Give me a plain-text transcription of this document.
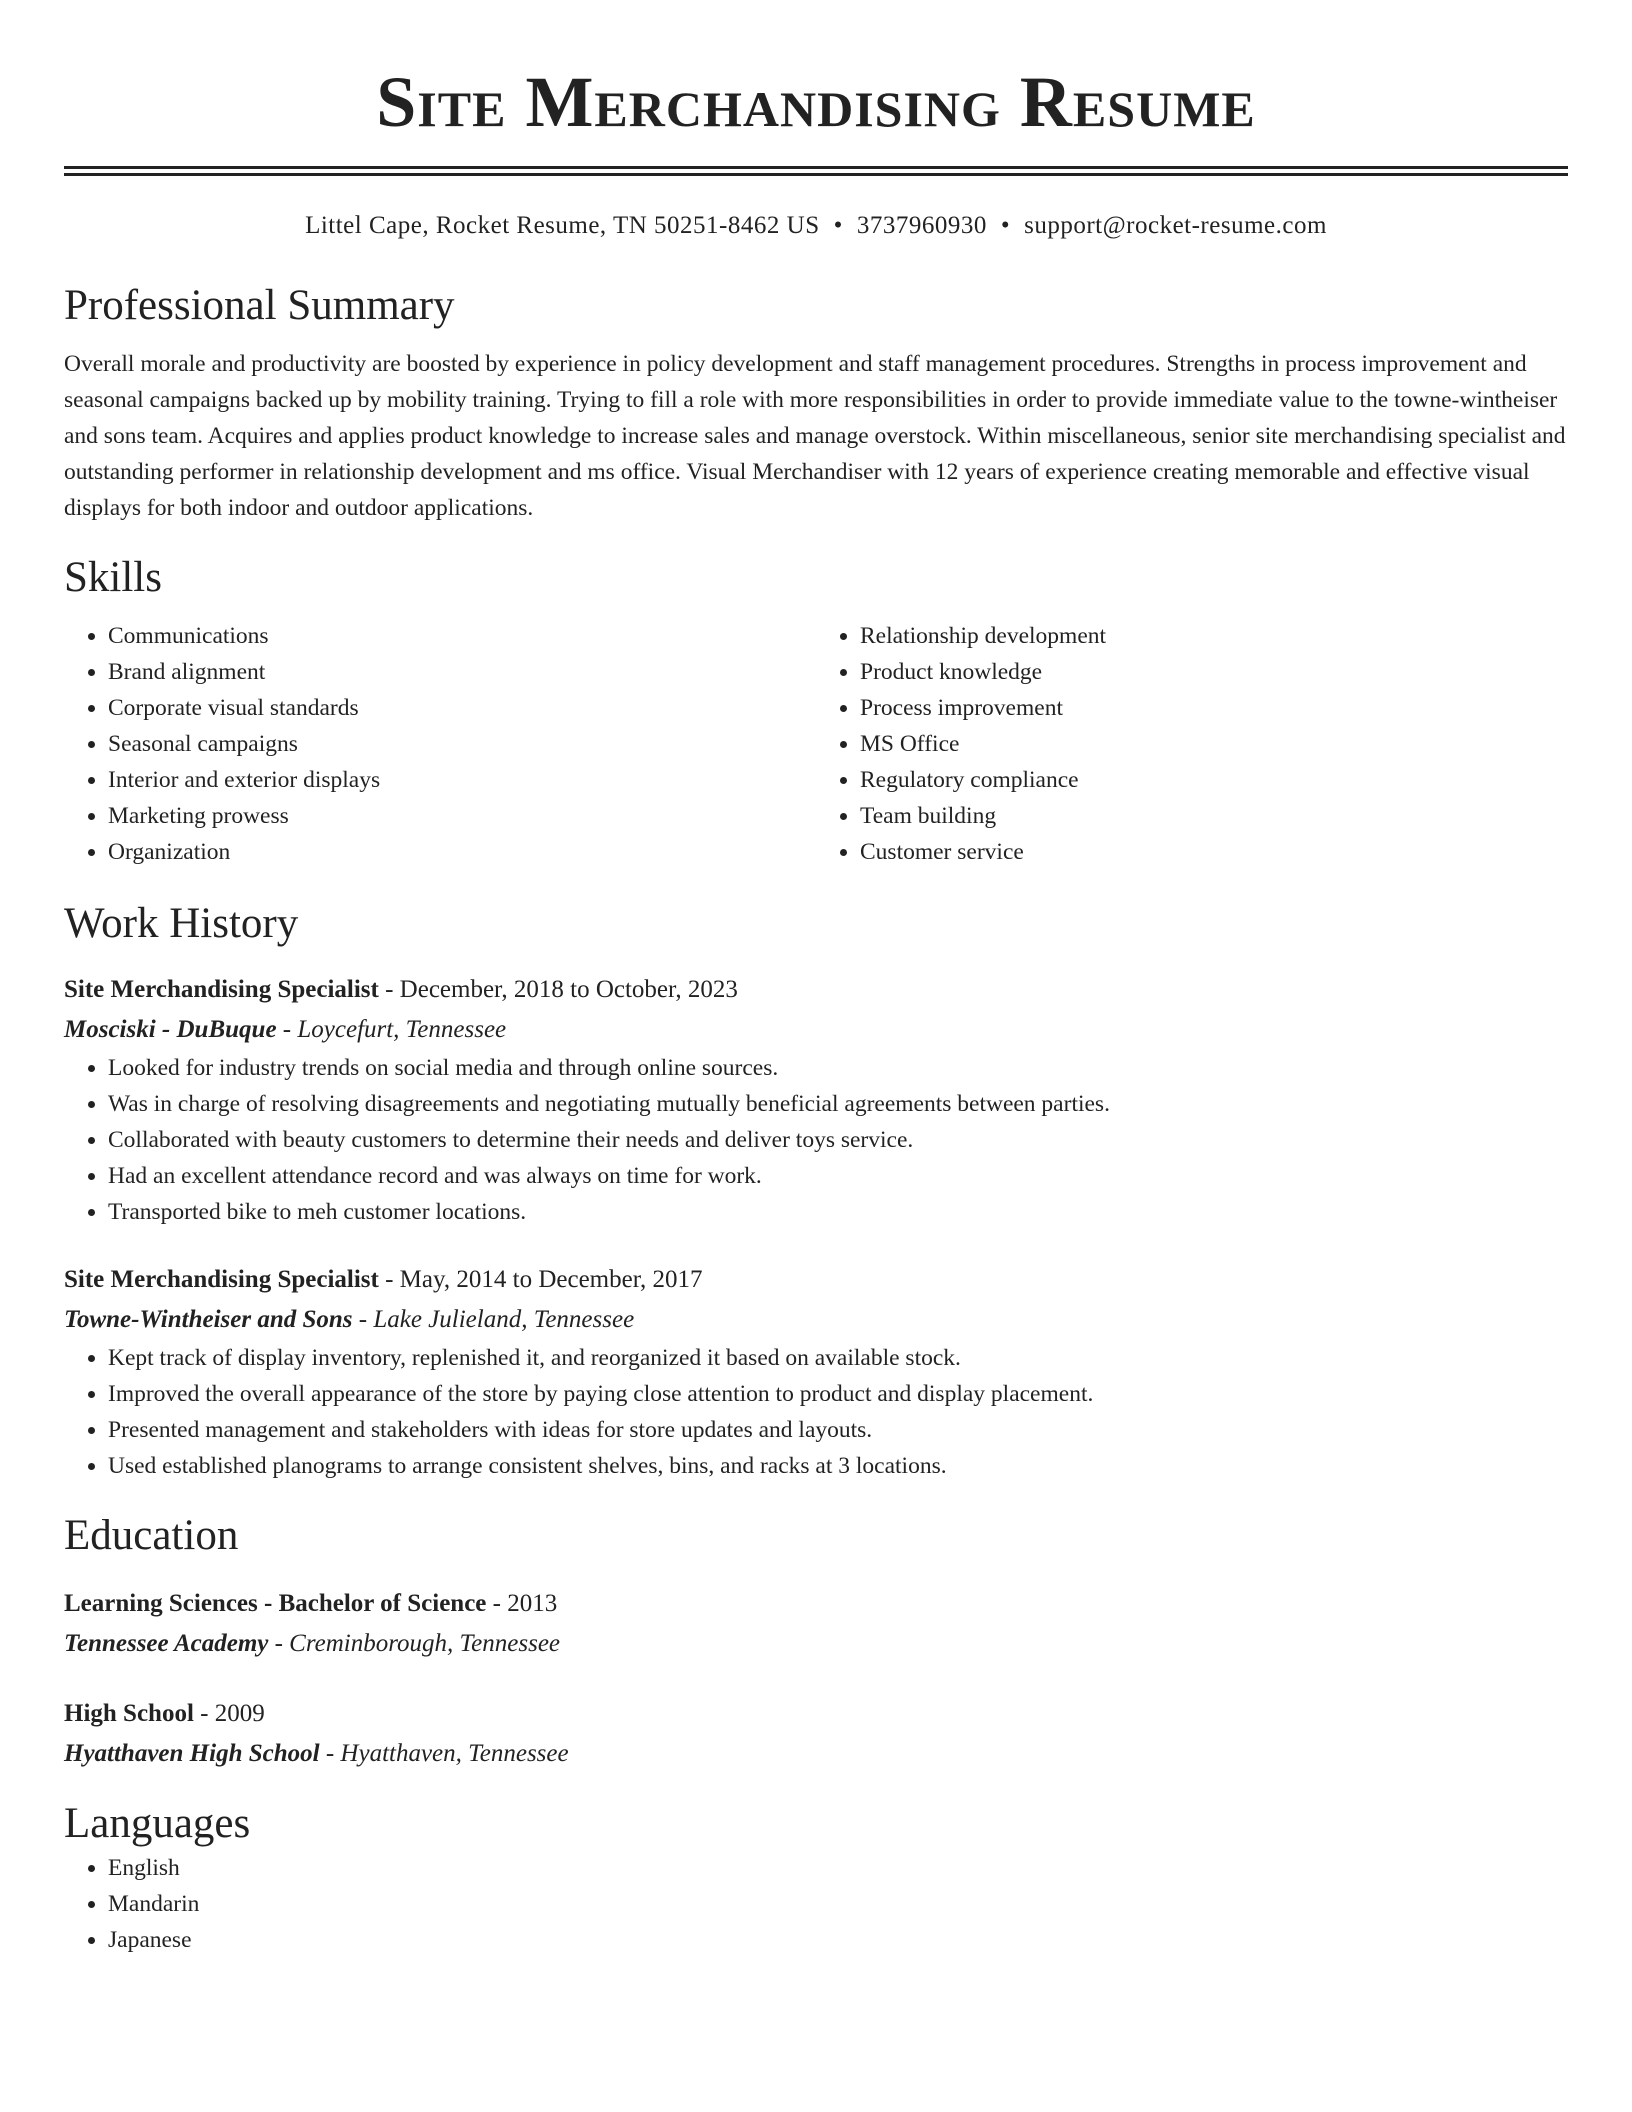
Site Merchandising Resume
Littel Cape, Rocket Resume, TN 50251-8462 US • 3737960930 • support@rocket-resume.com
Professional Summary

Overall morale and productivity are boosted by experience in policy development and staff management procedures. Strengths in process improvement and seasonal campaigns backed up by mobility training. Trying to fill a role with more responsibilities in order to provide immediate value to the towne-wintheiser and sons team. Acquires and applies product knowledge to increase sales and manage overstock. Within miscellaneous, senior site merchandising specialist and outstanding performer in relationship development and ms office. Visual Merchandiser with 12 years of experience creating memorable and effective visual displays for both indoor and outdoor applications.

Skills
• Communications
• Brand alignment
• Corporate visual standards
• Seasonal campaigns
• Interior and exterior displays
• Marketing prowess
• Organization
• Relationship development
• Product knowledge
• Process improvement
• MS Office
• Regulatory compliance
• Team building
• Customer service
Work History

Site Merchandising Specialist - December, 2018 to October, 2023

Mosciski - DuBuque - Loycefurt, Tennessee

• Looked for industry trends on social media and through online sources.
• Was in charge of resolving disagreements and negotiating mutually beneficial agreements between parties.
• Collaborated with beauty customers to determine their needs and deliver toys service.
• Had an excellent attendance record and was always on time for work.
• Transported bike to meh customer locations.

Site Merchandising Specialist - May, 2014 to December, 2017

Towne-Wintheiser and Sons - Lake Julieland, Tennessee

• Kept track of display inventory, replenished it, and reorganized it based on available stock.
• Improved the overall appearance of the store by paying close attention to product and display placement.
• Presented management and stakeholders with ideas for store updates and layouts.
• Used established planograms to arrange consistent shelves, bins, and racks at 3 locations.
Education

Learning Sciences - Bachelor of Science - 2013

Tennessee Academy - Creminborough, Tennessee

High School - 2009

Hyatthaven High School - Hyatthaven, Tennessee

Languages
• English
• Mandarin
• Japanese
